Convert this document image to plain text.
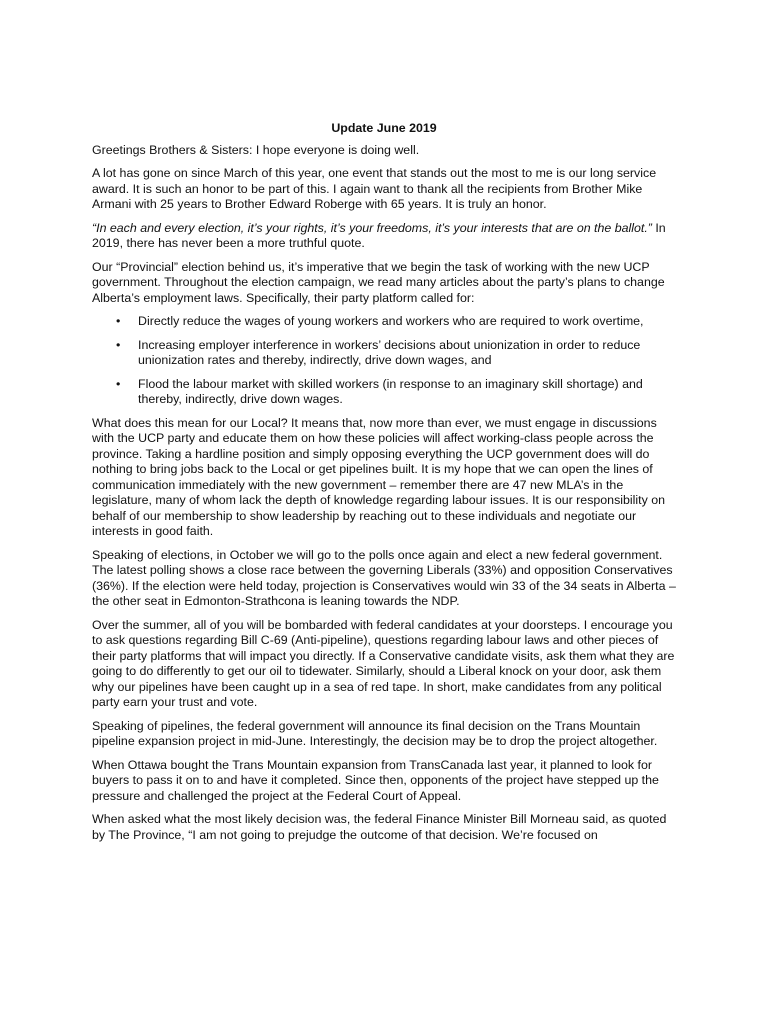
Update June 2019

Greetings Brothers & Sisters: I hope everyone is doing well.

A lot has gone on since March of this year, one event that stands out the most to me is our long service award. It is such an honor to be part of this. I again want to thank all the recipients from Brother Mike Armani with 25 years to Brother Edward Roberge with 65 years. It is truly an honor.

“In each and every election, it’s your rights, it’s your freedoms, it’s your interests that are on the ballot.” In 2019, there has never been a more truthful quote.

Our “Provincial” election behind us, it’s imperative that we begin the task of working with the new UCP government. Throughout the election campaign, we read many articles about the party’s plans to change Alberta’s employment laws. Specifically, their party platform called for:

• Directly reduce the wages of young workers and workers who are required to work overtime,
• Increasing employer interference in workers’ decisions about unionization in order to reduce unionization rates and thereby, indirectly, drive down wages, and
• Flood the labour market with skilled workers (in response to an imaginary skill shortage) and thereby, indirectly, drive down wages.

What does this mean for our Local? It means that, now more than ever, we must engage in discussions with the UCP party and educate them on how these policies will affect working-class people across the province. Taking a hardline position and simply opposing everything the UCP government does will do nothing to bring jobs back to the Local or get pipelines built. It is my hope that we can open the lines of communication immediately with the new government – remember there are 47 new MLA’s in the legislature, many of whom lack the depth of knowledge regarding labour issues. It is our responsibility on behalf of our membership to show leadership by reaching out to these individuals and negotiate our interests in good faith.

Speaking of elections, in October we will go to the polls once again and elect a new federal government. The latest polling shows a close race between the governing Liberals (33%) and opposition Conservatives (36%). If the election were held today, projection is Conservatives would win 33 of the 34 seats in Alberta – the other seat in Edmonton-Strathcona is leaning towards the NDP.

Over the summer, all of you will be bombarded with federal candidates at your doorsteps. I encourage you to ask questions regarding Bill C-69 (Anti-pipeline), questions regarding labour laws and other pieces of their party platforms that will impact you directly. If a Conservative candidate visits, ask them what they are going to do differently to get our oil to tidewater. Similarly, should a Liberal knock on your door, ask them why our pipelines have been caught up in a sea of red tape. In short, make candidates from any political party earn your trust and vote.

Speaking of pipelines, the federal government will announce its final decision on the Trans Mountain pipeline expansion project in mid-June. Interestingly, the decision may be to drop the project altogether.

When Ottawa bought the Trans Mountain expansion from TransCanada last year, it planned to look for buyers to pass it on to and have it completed. Since then, opponents of the project have stepped up the pressure and challenged the project at the Federal Court of Appeal.

When asked what the most likely decision was, the federal Finance Minister Bill Morneau said, as quoted by The Province, “I am not going to prejudge the outcome of that decision. We’re focused on
